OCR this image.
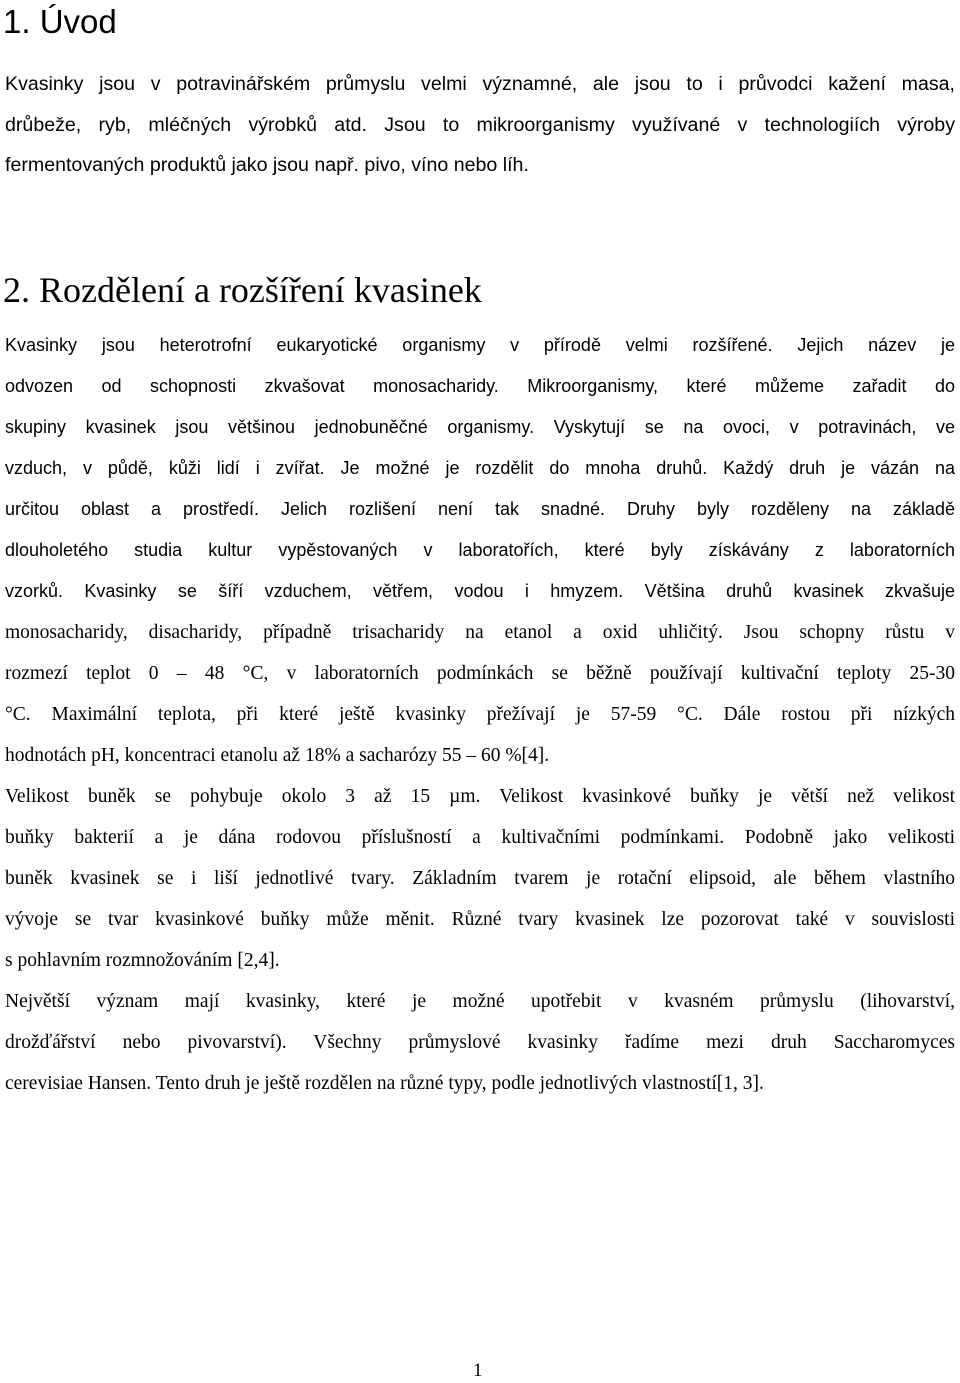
1. Úvod
Kvasinky jsou v potravinářském průmyslu velmi významné, ale jsou to i průvodci kažení masa,
drůbeže, ryb, mléčných výrobků atd. Jsou to mikroorganismy využívané v technologiích výroby
fermentovaných produktů jako jsou např. pivo, víno nebo líh.
2. Rozdělení a rozšíření kvasinek
Kvasinky jsou heterotrofní eukaryotické organismy v přírodě velmi rozšířené. Jejich název je
odvozen od schopnosti zkvašovat monosacharidy. Mikroorganismy, které můžeme zařadit do
skupiny kvasinek jsou většinou jednobuněčné organismy. Vyskytují se na ovoci, v potravinách, ve
vzduch, v půdě, kůži lidí i zvířat. Je možné je rozdělit do mnoha druhů. Každý druh je vázán na
určitou oblast a prostředí. Jelich rozlišení není tak snadné. Druhy byly rozděleny na základě
dlouholetého studia kultur vypěstovaných v laboratořích, které byly získávány z laboratorních
vzorků. Kvasinky se šíří vzduchem, větřem, vodou i hmyzem. Většina druhů kvasinek zkvašuje
monosacharidy, disacharidy, případně trisacharidy na etanol a oxid uhličitý. Jsou schopny růstu v
rozmezí teplot 0 – 48 °C, v laboratorních podmínkách se běžně používají kultivační teploty 25-30
°C. Maximální teplota, při které ještě kvasinky přežívají je 57-59 °C. Dále rostou při nízkých
hodnotách pH, koncentraci etanolu až 18% a sacharózy 55 – 60 %[4].
Velikost buněk se pohybuje okolo 3 až 15 µm. Velikost kvasinkové buňky je větší než velikost
buňky bakterií a je dána rodovou příslušností a kultivačními podmínkami. Podobně jako velikosti
buněk kvasinek se i liší jednotlivé tvary. Základním tvarem je rotační elipsoid, ale během vlastního
vývoje se tvar kvasinkové buňky může měnit. Různé tvary kvasinek lze pozorovat také v souvislosti
s pohlavním rozmnožováním [2,4].
Největší význam mají kvasinky, které je možné upotřebit v kvasném průmyslu (lihovarství,
drožďářství nebo pivovarství). Všechny průmyslové kvasinky řadíme mezi druh Saccharomyces
cerevisiae Hansen. Tento druh je ještě rozdělen na různé typy, podle jednotlivých vlastností[1, 3].
1
